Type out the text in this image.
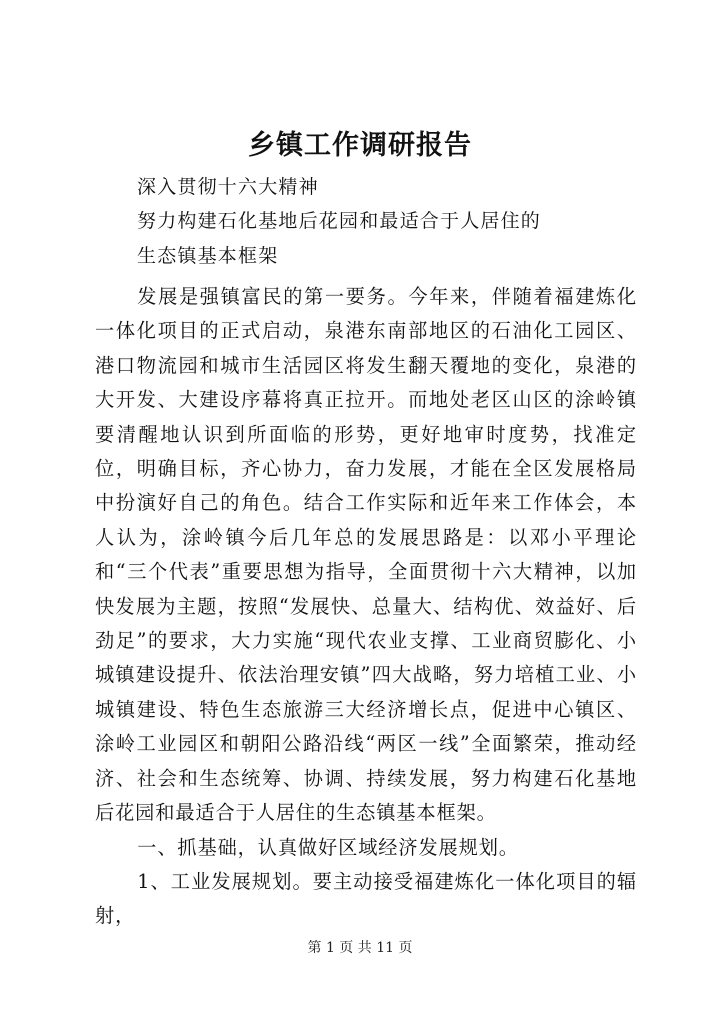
乡镇工作调研报告
深入贯彻十六大精神
努力构建石化基地后花园和最适合于人居住的
生态镇基本框架

发展是强镇富民的第一要务。今年来，伴随着福建炼化一体化项目的正式启动，泉港东南部地区的石油化工园区、港口物流园和城市生活园区将发生翻天覆地的变化，泉港的大开发、大建设序幕将真正拉开。而地处老区山区的涂岭镇要清醒地认识到所面临的形势，更好地审时度势，找准定位，明确目标，齐心协力，奋力发展，才能在全区发展格局中扮演好自己的角色。结合工作实际和近年来工作体会，本人认为，涂岭镇今后几年总的发展思路是：以邓小平理论和“三个代表”重要思想为指导，全面贯彻十六大精神，以加快发展为主题，按照“发展快、总量大、结构优、效益好、后劲足”的要求，大力实施“现代农业支撑、工业商贸膨化、小城镇建设提升、依法治理安镇”四大战略，努力培植工业、小城镇建设、特色生态旅游三大经济增长点，促进中心镇区、涂岭工业园区和朝阳公路沿线“两区一线”全面繁荣，推动经济、社会和生态统筹、协调、持续发展，努力构建石化基地后花园和最适合于人居住的生态镇基本框架。

一、抓基础，认真做好区域经济发展规划。

1、工业发展规划。要主动接受福建炼化一体化项目的辐射，

第 1 页 共 11 页
